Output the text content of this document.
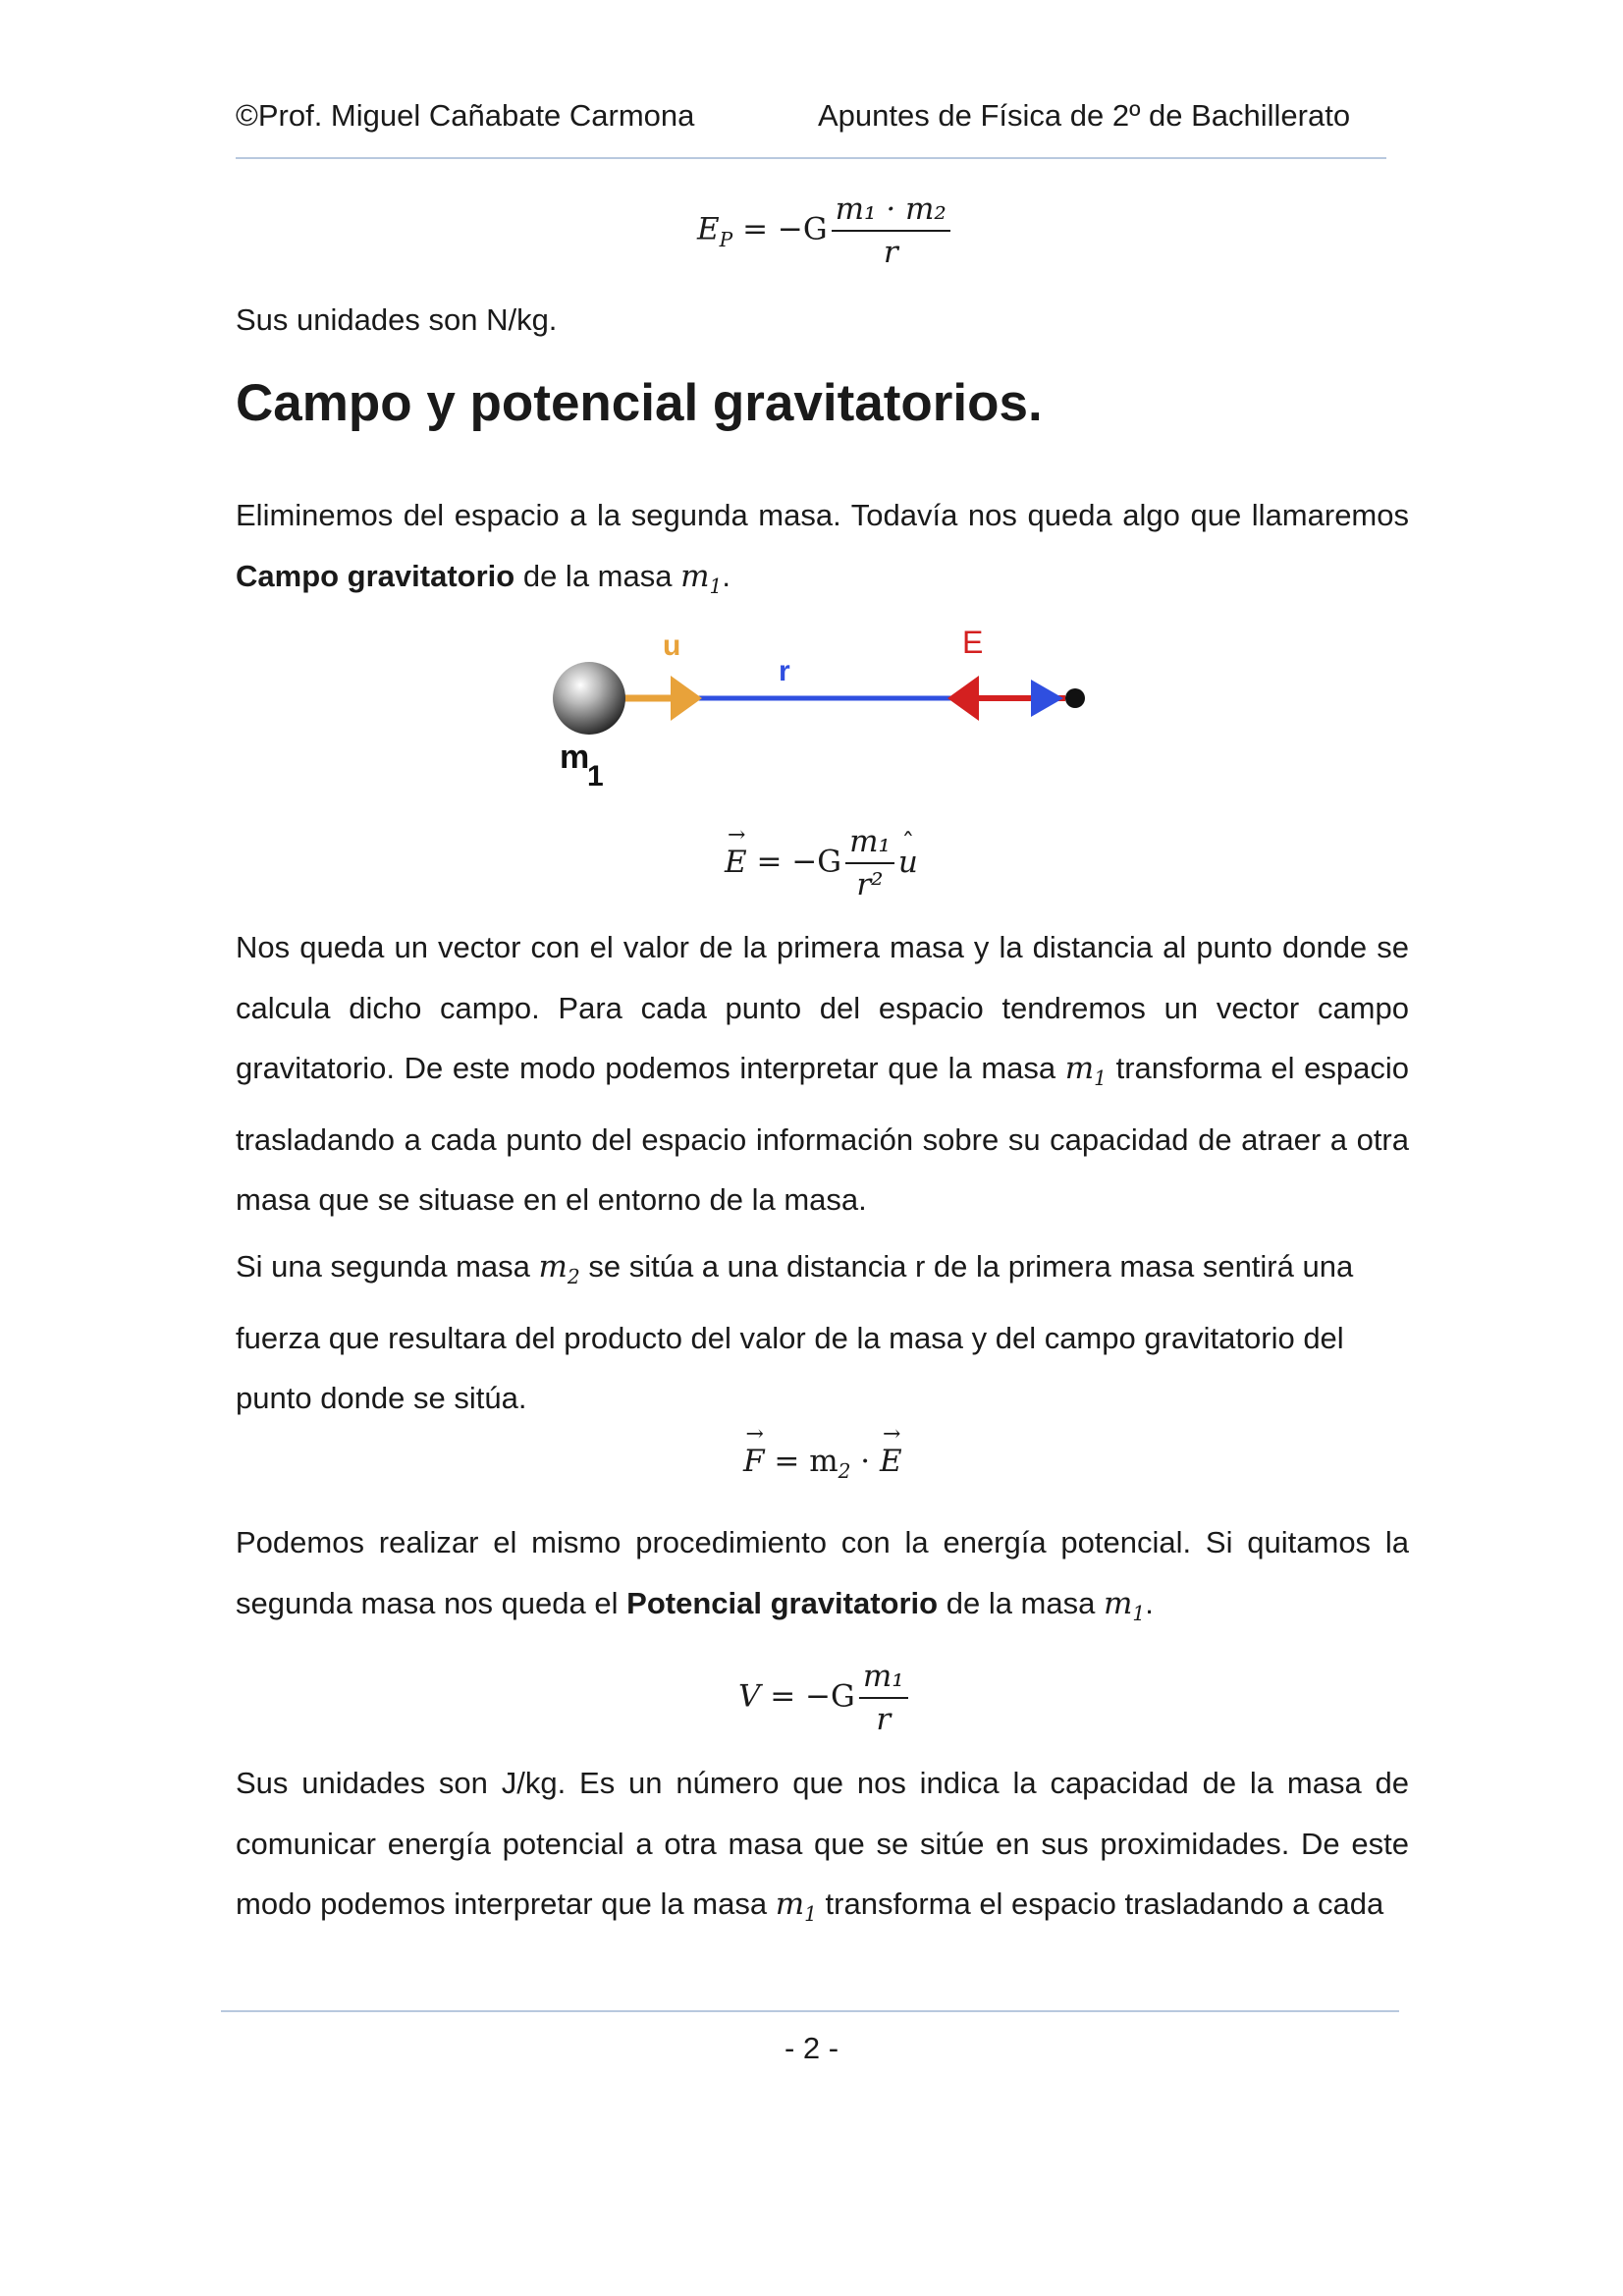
©Prof. Miguel Cañabate Carmona	Apuntes de Física de 2º de Bachillerato
$E_P = -G \frac{\text{m₁ · m₂}}{r}$
Sus unidades son N/kg.
Campo y potencial gravitatorios.
Eliminemos del espacio a la segunda masa. Todavía nos queda algo que llamaremos Campo gravitatorio de la masa $m_1$.
u
r
E
m
1
→ $E = -G \frac{\text{m₁}}{\text{r²}}$ ˆ u
Nos queda un vector con el valor de la primera masa y la distancia al punto donde se calcula dicho campo. Para cada punto del espacio tendremos un vector campo gravitatorio. De este modo podemos interpretar que la masa $m_1$ transforma el espacio trasladando a cada punto del espacio información sobre su capacidad de atraer a otra masa que se situase en el entorno de la masa.
Si una segunda masa $m_2$ se sitúa a una distancia r de la primera masa sentirá una fuerza que resultara del producto del valor de la masa y del campo gravitatorio del punto donde se sitúa.
→ $F = m_2$ · → E
Podemos realizar el mismo procedimiento con la energía potencial. Si quitamos la segunda masa nos queda el Potencial gravitatorio de la masa $m_1$.
$V = -G \frac{\text{m₁}}{r}$
Sus unidades son J/kg. Es un número que nos indica la capacidad de la masa de comunicar energía potencial a otra masa que se sitúe en sus proximidades. De este modo podemos interpretar que la masa $m_1$ transforma el espacio trasladando a cada
- 2 -
